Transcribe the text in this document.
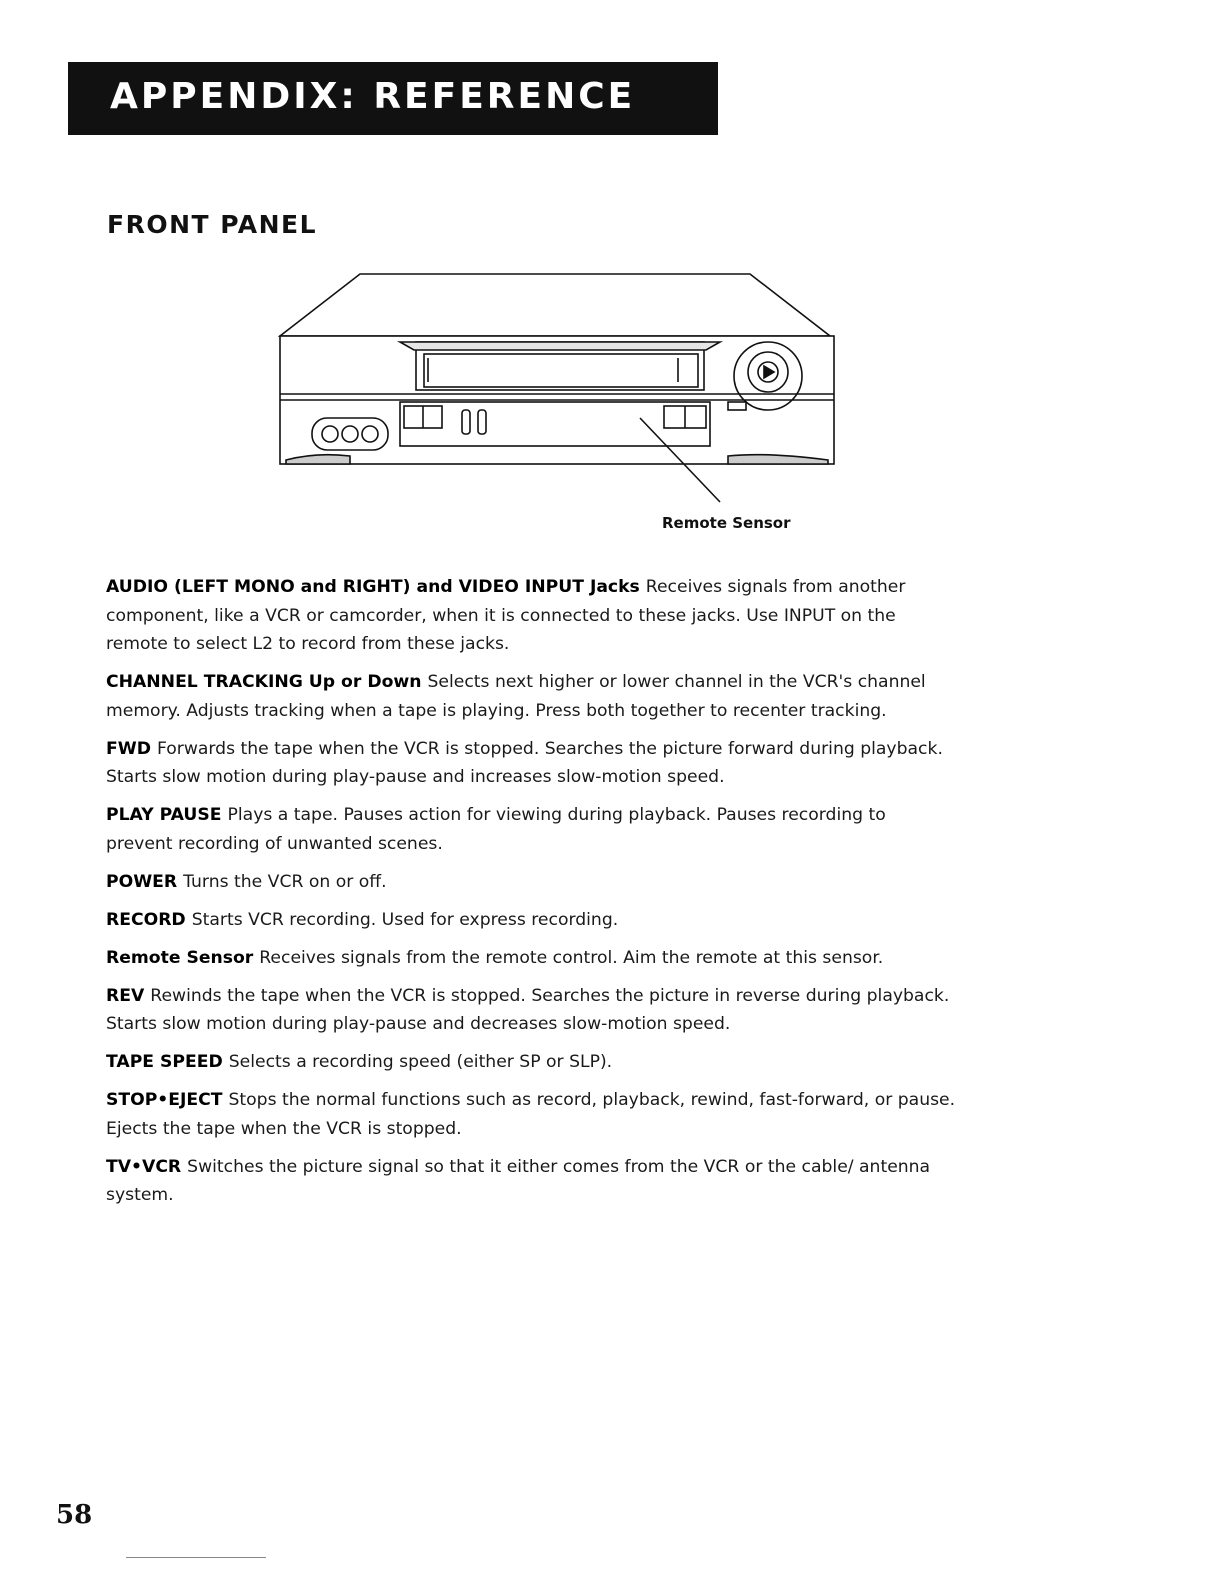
APPENDIX: REFERENCE
FRONT PANEL
Remote Sensor

AUDIO (LEFT MONO and RIGHT) and VIDEO INPUT Jacks Receives signals from another component, like a VCR or camcorder, when it is connected to these jacks. Use INPUT on the remote to select L2 to record from these jacks.

CHANNEL TRACKING Up or Down Selects next higher or lower channel in the VCR's channel memory. Adjusts tracking when a tape is playing. Press both together to recenter tracking.

FWD Forwards the tape when the VCR is stopped. Searches the picture forward during playback. Starts slow motion during play-pause and increases slow-motion speed.

PLAY PAUSE Plays a tape. Pauses action for viewing during playback. Pauses recording to prevent recording of unwanted scenes.

POWER Turns the VCR on or off.

RECORD Starts VCR recording. Used for express recording.

Remote Sensor Receives signals from the remote control. Aim the remote at this sensor.

REV Rewinds the tape when the VCR is stopped. Searches the picture in reverse during playback. Starts slow motion during play-pause and decreases slow-motion speed.

TAPE SPEED Selects a recording speed (either SP or SLP).

STOP•EJECT Stops the normal functions such as record, playback, rewind, fast-forward, or pause. Ejects the tape when the VCR is stopped.

TV•VCR Switches the picture signal so that it either comes from the VCR or the cable/ antenna system.

58
